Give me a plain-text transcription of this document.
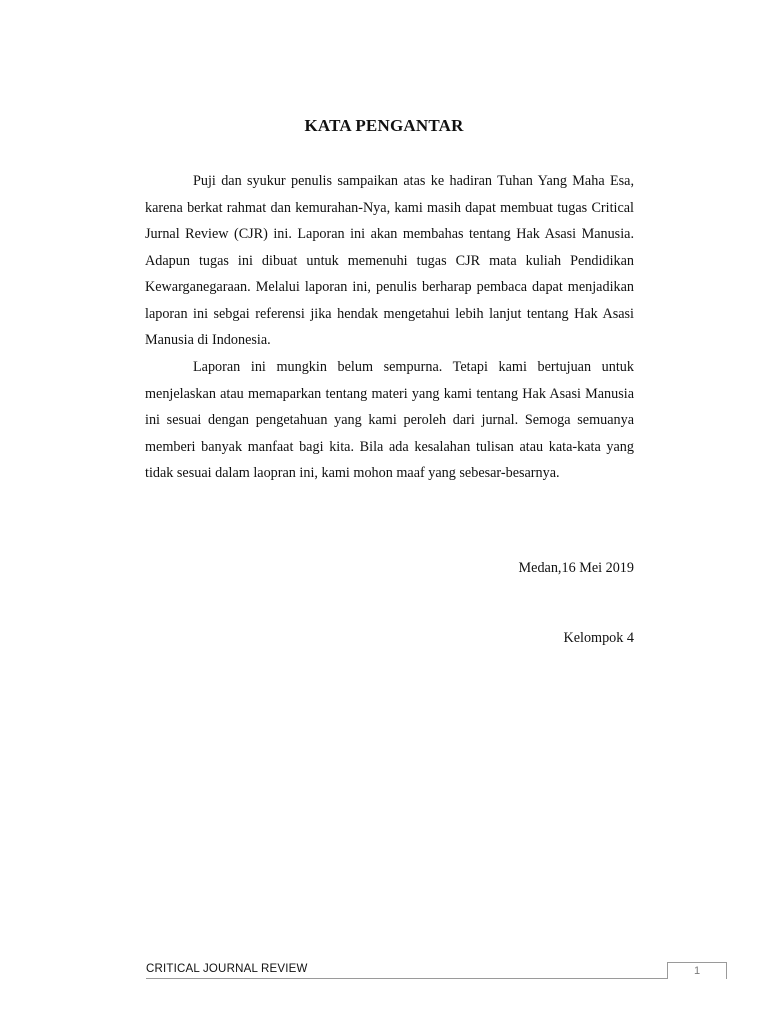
KATA PENGANTAR

Puji dan syukur penulis sampaikan atas ke hadiran Tuhan Yang Maha Esa, karena berkat rahmat dan kemurahan-Nya, kami masih dapat membuat tugas Critical Jurnal Review (CJR) ini. Laporan ini akan membahas tentang Hak Asasi Manusia. Adapun tugas ini dibuat untuk memenuhi tugas CJR mata kuliah Pendidikan Kewarganegaraan. Melalui laporan ini, penulis berharap pembaca dapat menjadikan laporan ini sebgai referensi jika hendak mengetahui lebih lanjut tentang Hak Asasi Manusia di Indonesia.

Laporan ini mungkin belum sempurna. Tetapi kami bertujuan untuk menjelaskan atau memaparkan tentang materi yang kami tentang Hak Asasi Manusia ini sesuai dengan pengetahuan yang kami peroleh dari jurnal. Semoga semuanya memberi banyak manfaat bagi kita. Bila ada kesalahan tulisan atau kata-kata yang tidak sesuai dalam laopran ini, kami mohon maaf yang sebesar-besarnya.

Medan,16 Mei 2019
Kelompok 4
CRITICAL JOURNAL REVIEW	1
